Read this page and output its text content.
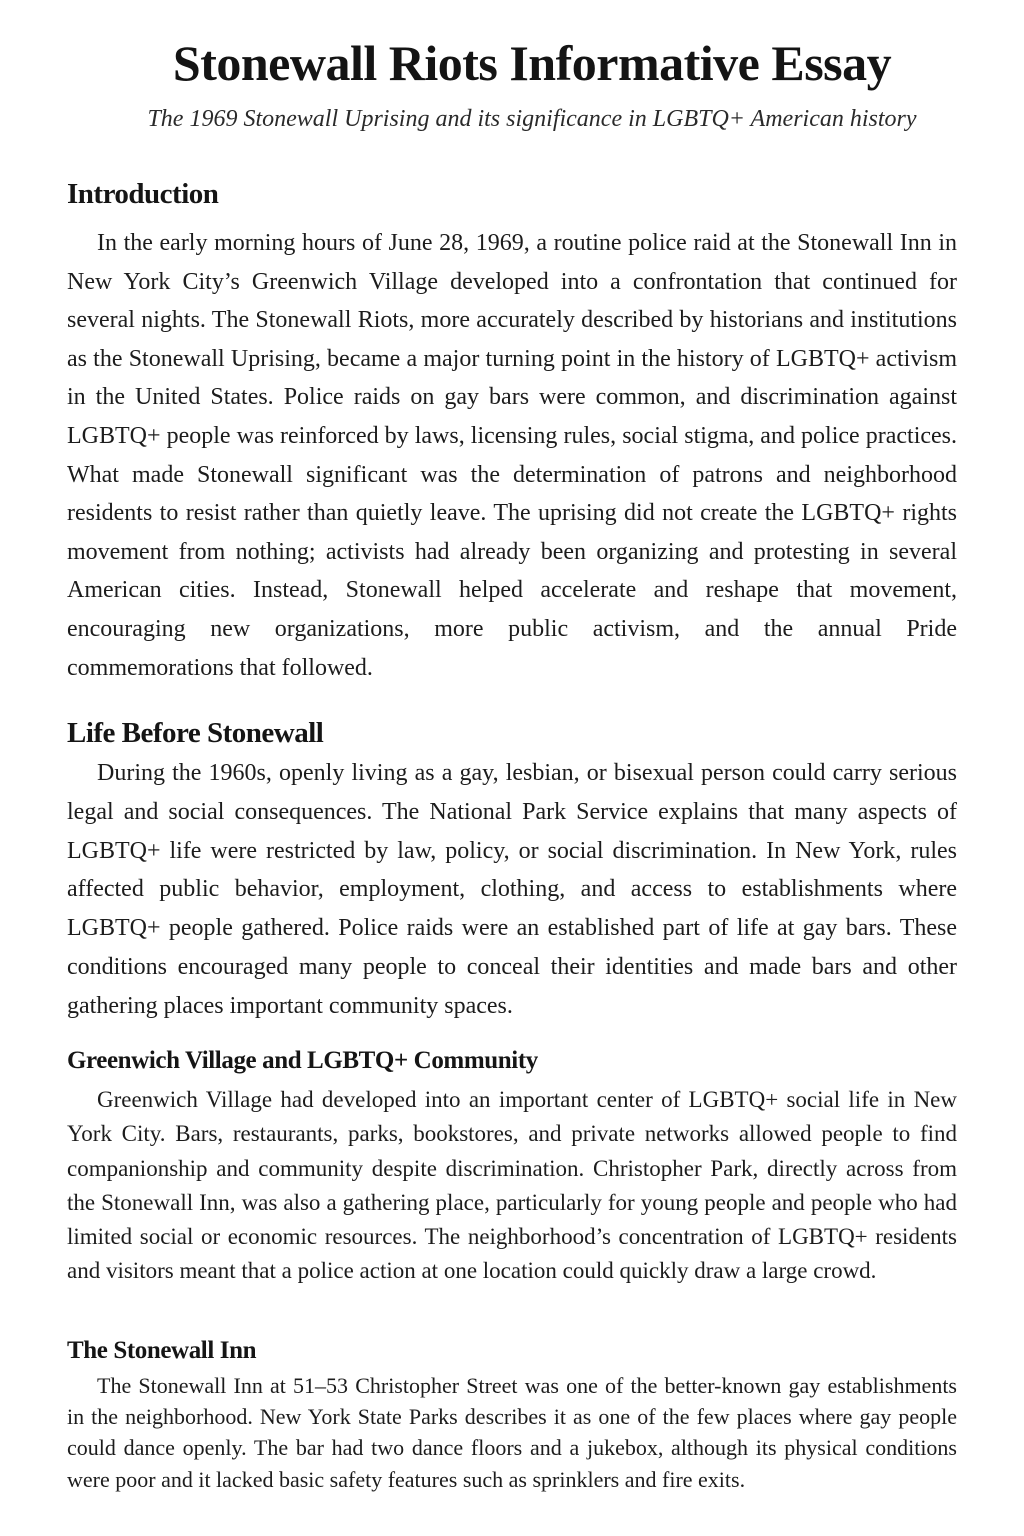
Stonewall Riots Informative Essay
The 1969 Stonewall Uprising and its significance in LGBTQ+ American history
Introduction

In the early morning hours of June 28, 1969, a routine police raid at the Stonewall Inn in New York City’s Greenwich Village developed into a confrontation that continued for several nights. The Stonewall Riots, more accurately described by historians and institutions as the Stonewall Uprising, became a major turning point in the history of LGBTQ+ activism in the United States. Police raids on gay bars were common, and discrimination against LGBTQ+ people was reinforced by laws, licensing rules, social stigma, and police practices. What made Stonewall significant was the determination of patrons and neighborhood residents to resist rather than quietly leave. The uprising did not create the LGBTQ+ rights movement from nothing; activists had already been organizing and protesting in several American cities. Instead, Stonewall helped accelerate and reshape that movement, encouraging new organizations, more public activism, and the annual Pride commemorations that followed.

Life Before Stonewall

During the 1960s, openly living as a gay, lesbian, or bisexual person could carry serious legal and social consequences. The National Park Service explains that many aspects of LGBTQ+ life were restricted by law, policy, or social discrimination. In New York, rules affected public behavior, employment, clothing, and access to establishments where LGBTQ+ people gathered. Police raids were an established part of life at gay bars. These conditions encouraged many people to conceal their identities and made bars and other gathering places important community spaces.

Greenwich Village and LGBTQ+ Community

Greenwich Village had developed into an important center of LGBTQ+ social life in New York City. Bars, restaurants, parks, bookstores, and private networks allowed people to find companionship and community despite discrimination. Christopher Park, directly across from the Stonewall Inn, was also a gathering place, particularly for young people and people who had limited social or economic resources. The neighborhood’s concentration of LGBTQ+ residents and visitors meant that a police action at one location could quickly draw a large crowd.

The Stonewall Inn

The Stonewall Inn at 51–53 Christopher Street was one of the better-known gay establishments in the neighborhood. New York State Parks describes it as one of the few places where gay people could dance openly. The bar had two dance floors and a jukebox, although its physical conditions were poor and it lacked basic safety features such as sprinklers and fire exits.
